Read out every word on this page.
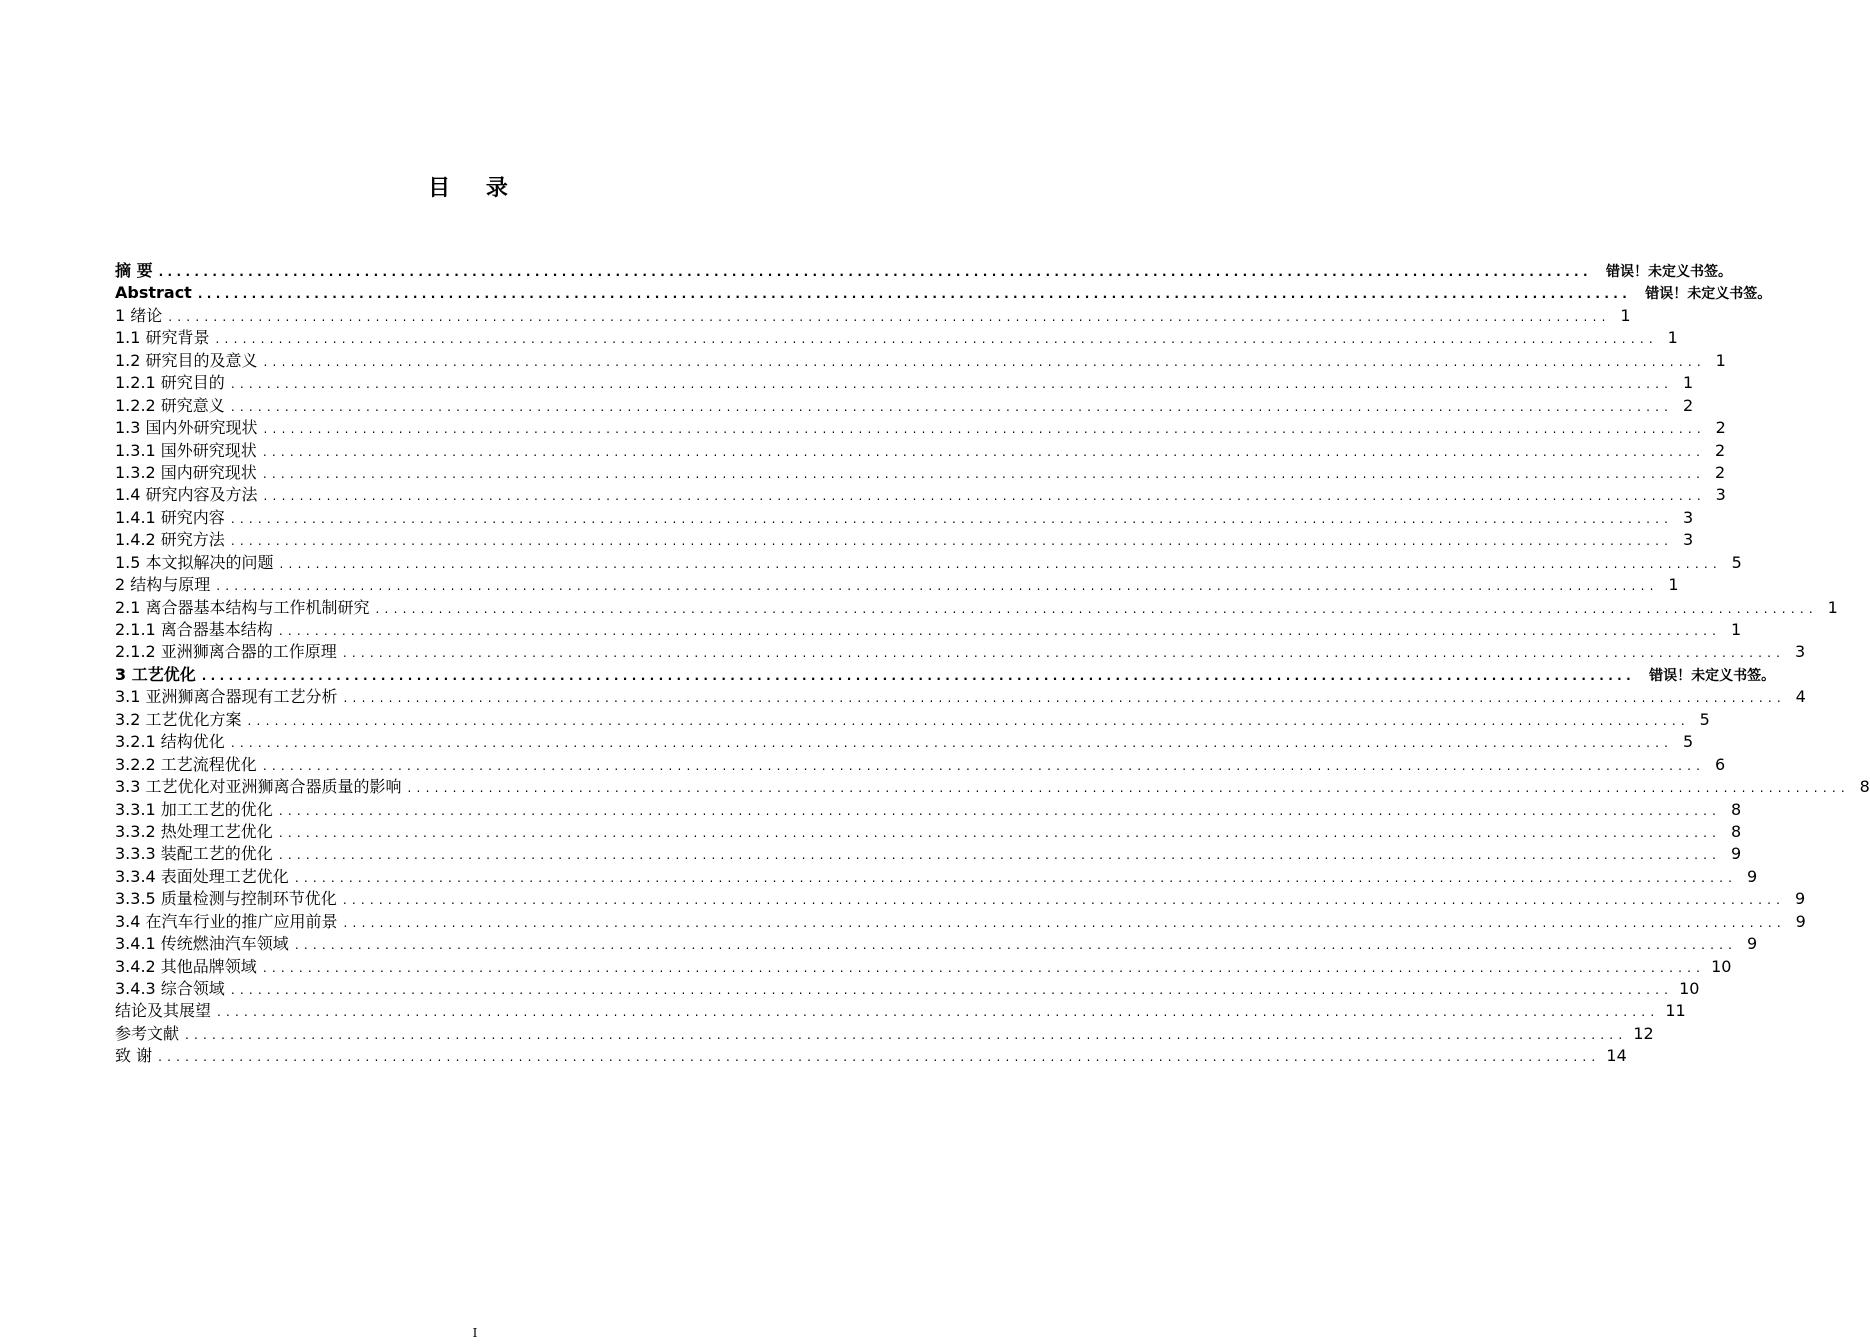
目 录
摘 要 ................................................................................................................................................................	错误！未定义书签。
Abstract ................................................................................................................................................................	错误！未定义书签。
1 绪论 ................................................................................................................................................................ 1
1.1 研究背景 ................................................................................................................................................................ 1
1.2 研究目的及意义 ................................................................................................................................................................ 1
1.2.1 研究目的 ................................................................................................................................................................ 1
1.2.2 研究意义 ................................................................................................................................................................ 2
1.3 国内外研究现状 ................................................................................................................................................................ 2
1.3.1 国外研究现状 ................................................................................................................................................................ 2
1.3.2 国内研究现状 ................................................................................................................................................................ 2
1.4 研究内容及方法 ................................................................................................................................................................ 3
1.4.1 研究内容 ................................................................................................................................................................ 3
1.4.2 研究方法 ................................................................................................................................................................ 3
1.5 本文拟解决的问题 ................................................................................................................................................................ 5
2 结构与原理 ................................................................................................................................................................ 1
2.1 离合器基本结构与工作机制研究 ................................................................................................................................................................ 1
2.1.1 离合器基本结构 ................................................................................................................................................................ 1
2.1.2 亚洲狮离合器的工作原理 ................................................................................................................................................................ 3
3 工艺优化 ................................................................................................................................................................	错误！未定义书签。
3.1 亚洲狮离合器现有工艺分析 ................................................................................................................................................................ 4
3.2 工艺优化方案 ................................................................................................................................................................ 5
3.2.1 结构优化 ................................................................................................................................................................ 5
3.2.2 工艺流程优化 ................................................................................................................................................................ 6
3.3 工艺优化对亚洲狮离合器质量的影响 ................................................................................................................................................................ 8
3.3.1 加工工艺的优化 ................................................................................................................................................................ 8
3.3.2 热处理工艺优化 ................................................................................................................................................................ 8
3.3.3 装配工艺的优化 ................................................................................................................................................................ 9
3.3.4 表面处理工艺优化 ................................................................................................................................................................ 9
3.3.5 质量检测与控制环节优化 ................................................................................................................................................................ 9
3.4 在汽车行业的推广应用前景 ................................................................................................................................................................ 9
3.4.1 传统燃油汽车领域 ................................................................................................................................................................ 9
3.4.2 其他品牌领域 ................................................................................................................................................................ 10
3.4.3 综合领域 ................................................................................................................................................................ 10
结论及其展望 ................................................................................................................................................................ 11
参考文献 ................................................................................................................................................................ 12
致 谢 ................................................................................................................................................................ 14
I
